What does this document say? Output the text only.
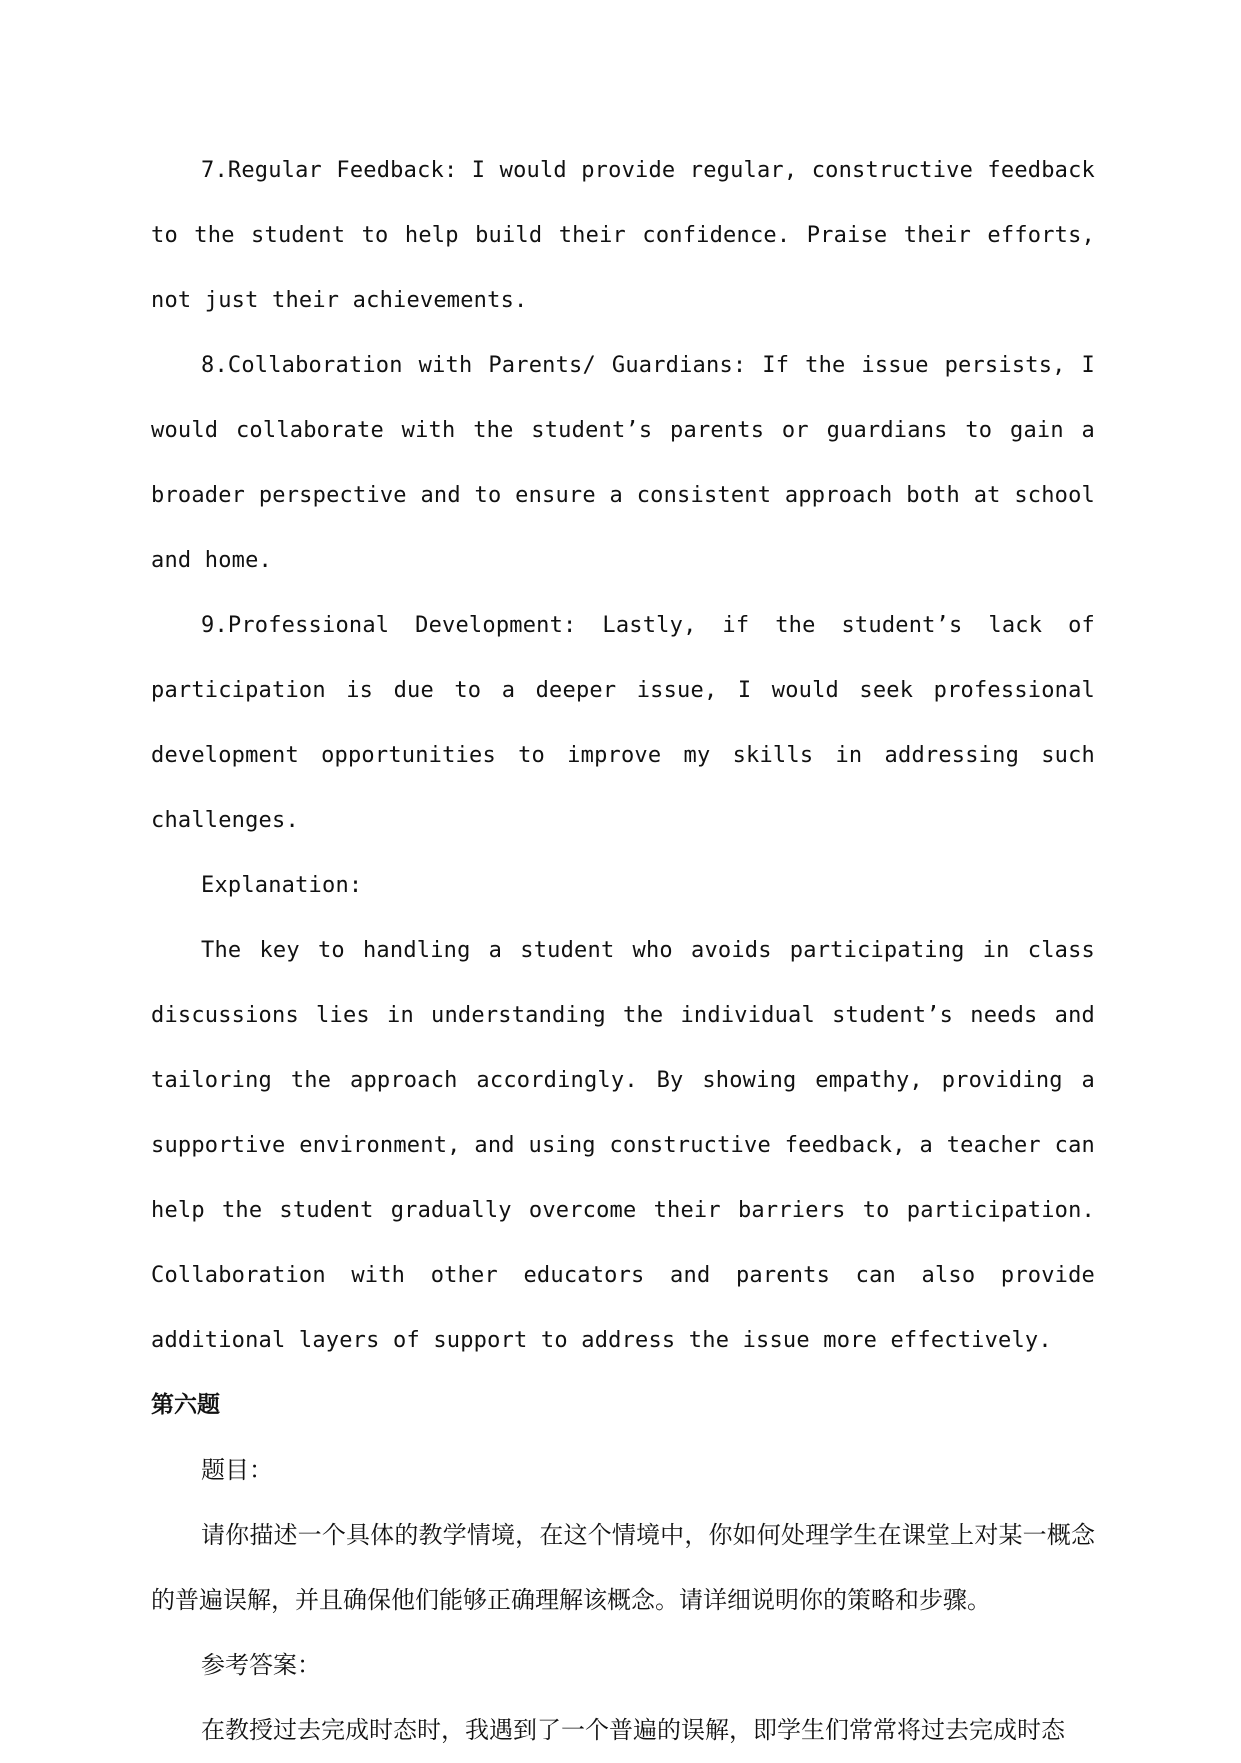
7.Regular Feedback: I would provide regular, constructive feedback to the student to help build their confidence. Praise their efforts, not just their achievements.

8.Collaboration with Parents/ Guardians: If the issue persists, I would collaborate with the student’s parents or guardians to gain a broader perspective and to ensure a consistent approach both at school and home.

9.Professional Development: Lastly, if the student’s lack of participation is due to a deeper issue, I would seek professional development opportunities to improve my skills in addressing such challenges.

Explanation:

The key to handling a student who avoids participating in class discussions lies in understanding the individual student’s needs and tailoring the approach accordingly. By showing empathy, providing a supportive environment, and using constructive feedback, a teacher can help the student gradually overcome their barriers to participation. Collaboration with other educators and parents can also provide additional layers of support to address the issue more effectively.

第六题

题目：

请你描述一个具体的教学情境，在这个情境中，你如何处理学生在课堂上对某一概念的普遍误解，并且确保他们能够正确理解该概念。请详细说明你的策略和步骤。

参考答案：

在教授过去完成时态时，我遇到了一个普遍的误解，即学生们常常将过去完成时态
